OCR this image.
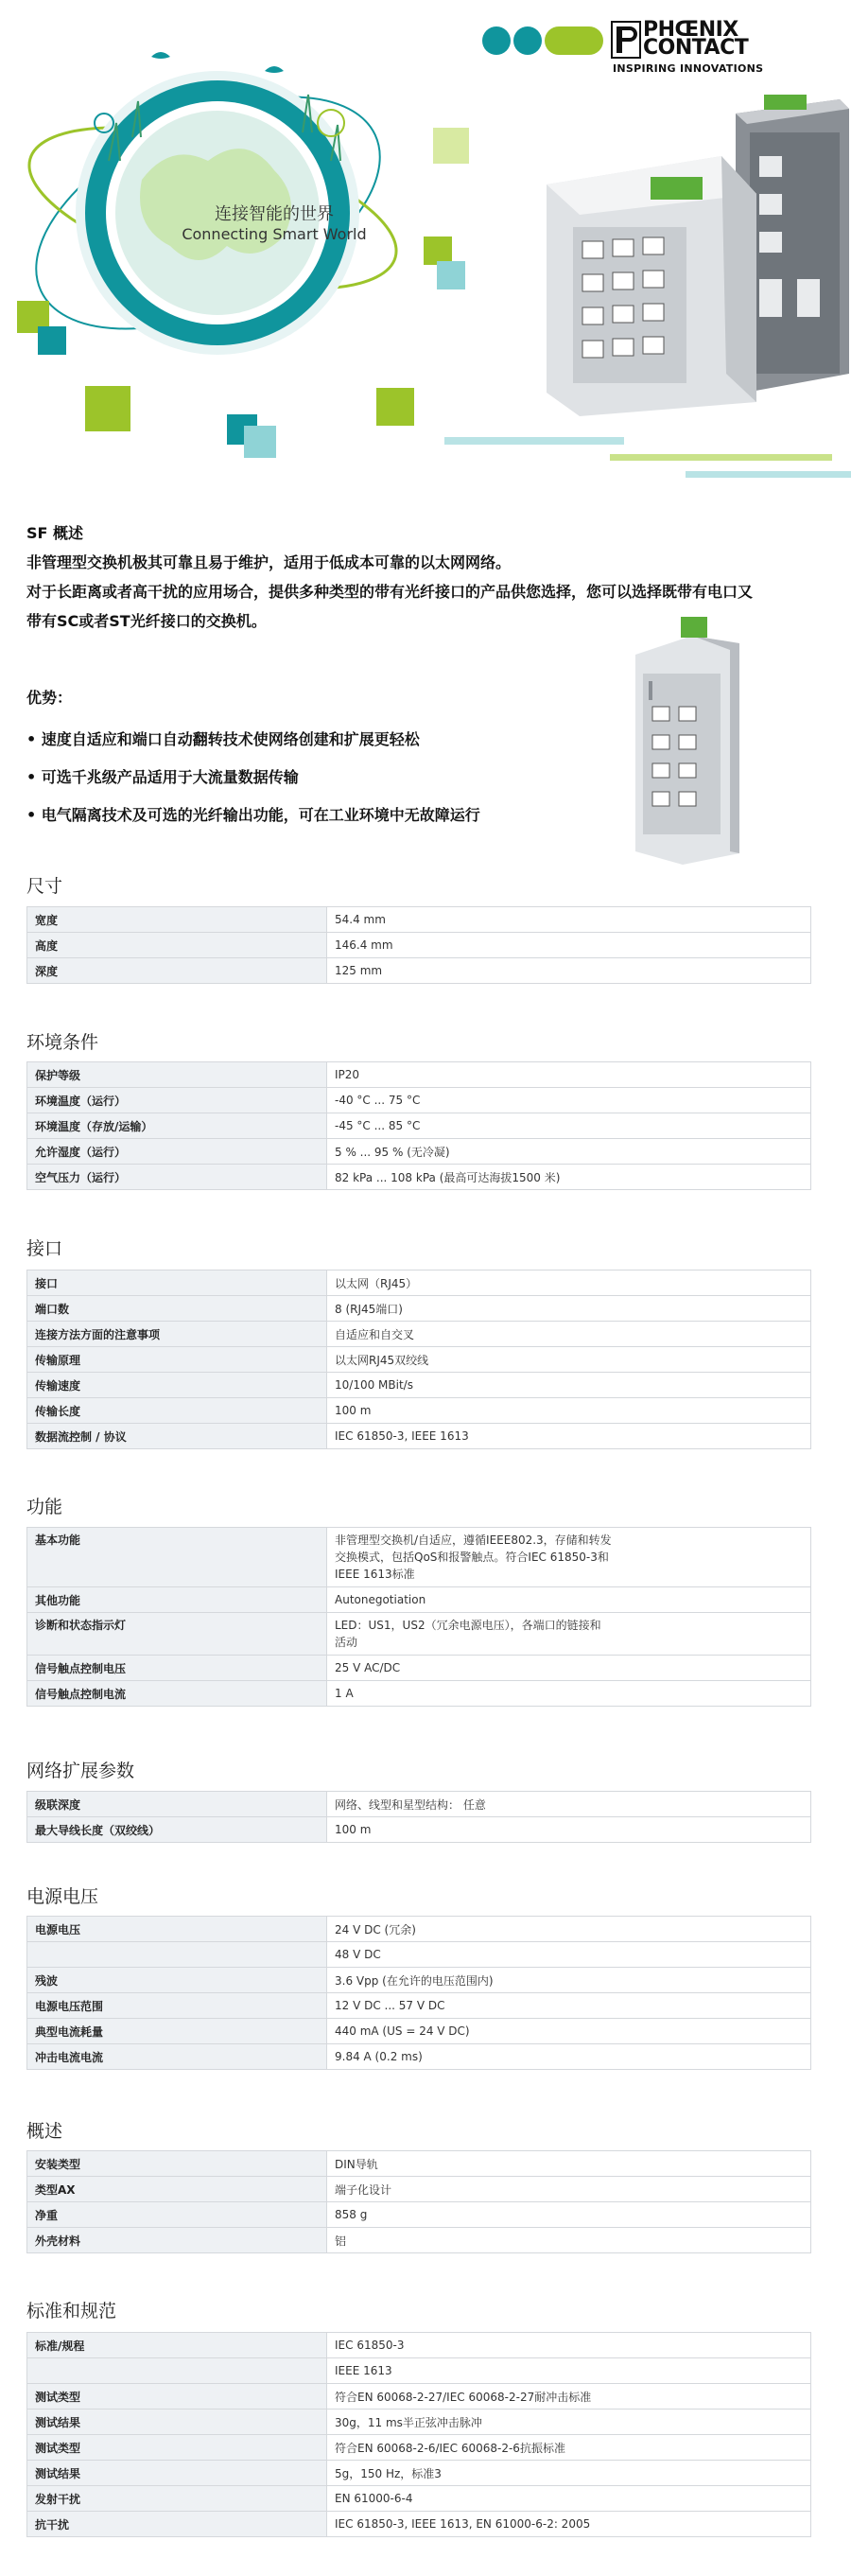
连接智能的世界
Connecting Smart World
PHŒNIX
CONTACT
INSPIRING INNOVATIONS
SF 概述
非管理型交换机极其可靠且易于维护，适用于低成本可靠的以太网网络。
对于长距离或者高干扰的应用场合，提供多种类型的带有光纤接口的产品供您选择，您可以选择既带有电口又
带有SC或者ST光纤接口的交换机。
优势：
• 速度自适应和端口自动翻转技术使网络创建和扩展更轻松
• 可选千兆级产品适用于大流量数据传输
• 电气隔离技术及可选的光纤输出功能，可在工业环境中无故障运行
尺寸
宽度	54.4 mm
高度	146.4 mm
深度	125 mm
环境条件
保护等级	IP20
环境温度（运行）	-40 °C ... 75 °C
环境温度（存放/运输）	-45 °C ... 85 °C
允许湿度（运行）	5 % ... 95 % (无冷凝)
空气压力（运行）	82 kPa ... 108 kPa (最高可达海拔1500 米)
接口
接口	以太网（RJ45）
端口数	8 (RJ45端口)
连接方法方面的注意事项	自适应和自交叉
传输原理	以太网RJ45双绞线
传输速度	10/100 MBit/s
传输长度	100 m
数据流控制 / 协议	IEC 61850-3, IEEE 1613
功能
基本功能	非管理型交换机/自适应，遵循IEEE802.3，存储和转发
交换模式，包括QoS和报警触点。符合IEC 61850-3和
IEEE 1613标准

其他功能	Autonegotiation
诊断和状态指示灯	LED：US1，US2（冗余电源电压），各端口的链接和
活动

信号触点控制电压	25 V AC/DC
信号触点控制电流	1 A
网络扩展参数
级联深度	网络、线型和星型结构： 任意
最大导线长度（双绞线）	100 m
电源电压
电源电压	24 V DC (冗余)
	48 V DC
残波	3.6 Vpp (在允许的电压范围内)
电源电压范围	12 V DC ... 57 V DC
典型电流耗量	440 mA (US = 24 V DC)
冲击电流电流	9.84 A (0.2 ms)
概述
安装类型	DIN导轨
类型AX	端子化设计
净重	858 g
外壳材料	铝
标准和规范
标准/规程	IEC 61850-3
	IEEE 1613
测试类型	符合EN 60068-2-27/IEC 60068-2-27耐冲击标准
测试结果	30g，11 ms半正弦冲击脉冲
测试类型	符合EN 60068-2-6/IEC 60068-2-6抗振标准
测试结果	5g，150 Hz，标准3
发射干扰	EN 61000-6-4
抗干扰	IEC 61850-3, IEEE 1613, EN 61000-6-2: 2005
